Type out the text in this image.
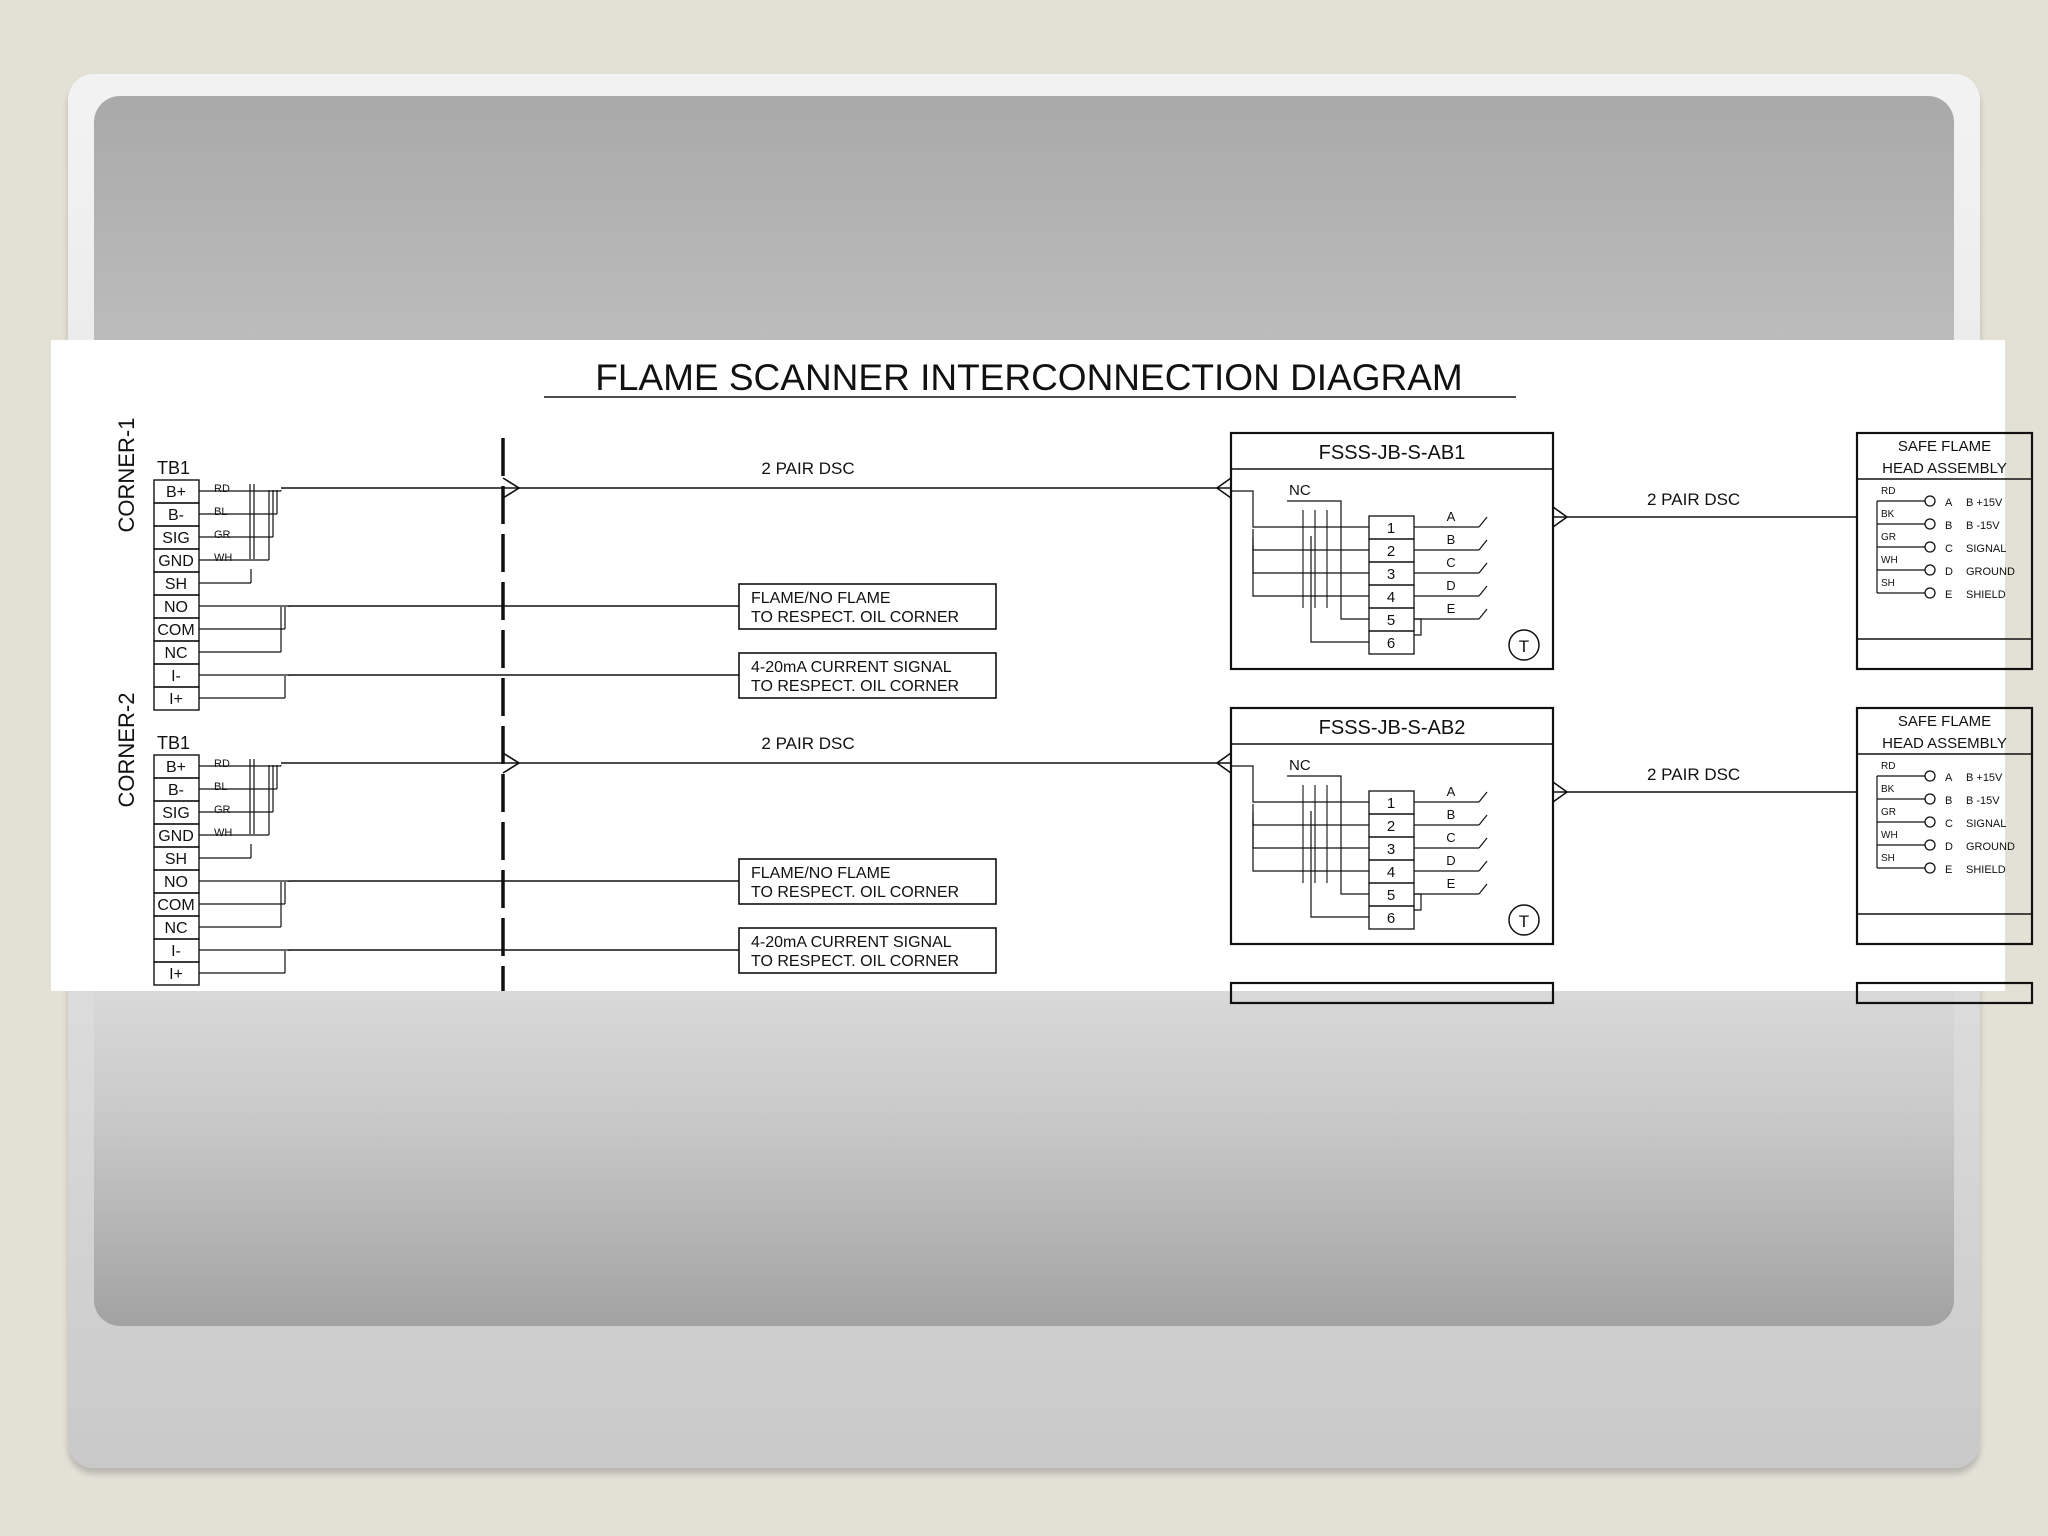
FLAME SCANNER INTERCONNECTION DIAGRAM
CORNER-1 TB1
B+
B-
SIG
GND
SH
NO
COM
NC
I-
I+
RD
BL
GR
WH
2 PAIR DSC
FLAME/NO FLAME
TO RESPECT. OIL CORNER
4-20mA CURRENT SIGNAL
TO RESPECT. OIL CORNER
FSSS-JB-S-AB1
NC
1
2
3
4
5
6
A
B
C
D
E
2 PAIR DSC
T
SAFE FLAME
HEAD ASSEMBLY
A B +15V
B B -15V
C SIGNAL
D GROUND
E SHIELD
RD
BK
GR
WH
SH
CORNER-2 TB1
B+
B-
SIG
GND
SH
NO
COM
NC
I-
I+
RD
BL
GR
WH
2 PAIR DSC
FLAME/NO FLAME
TO RESPECT. OIL CORNER
4-20mA CURRENT SIGNAL
TO RESPECT. OIL CORNER
FSSS-JB-S-AB2
NC
1
2
3
4
5
6
A
B
C
D
E
2 PAIR DSC
T
SAFE FLAME
HEAD ASSEMBLY
A B +15V
B B -15V
C SIGNAL
D GROUND
E SHIELD
RD
BK
GR
WH
SH
